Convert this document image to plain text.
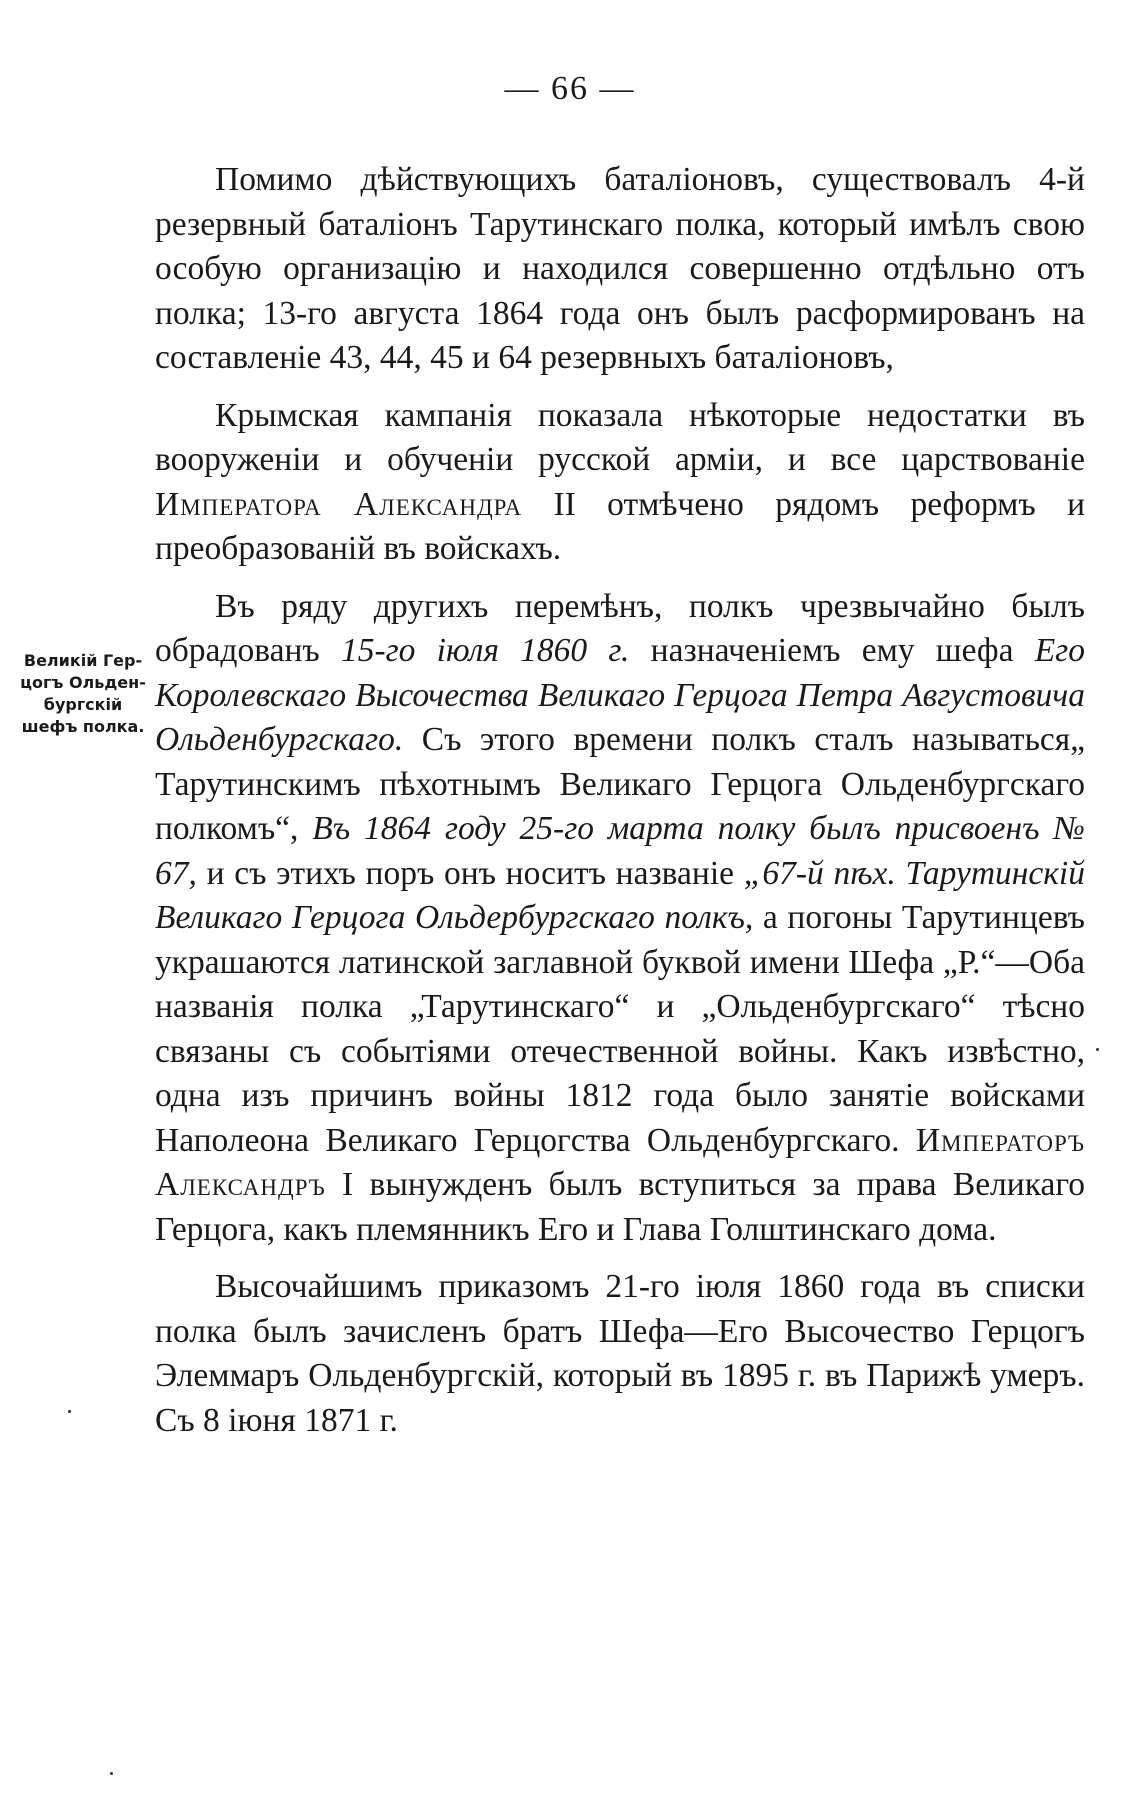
— 66 —
Великій Гер-
цогъ Ольден-
бургскій
шефъ полка.

Помимо дѣйствующихъ баталіоновъ, существовалъ 4-й резервный баталіонъ Тарутинскаго полка, который имѣлъ свою особую организацію и находился совершенно отдѣльно отъ полка; 13-го августа 1864 года онъ былъ расформированъ на составленіе 43, 44, 45 и 64 резервныхъ баталіоновъ,

Крымская кампанія показала нѣкоторые недостатки въ вооруженіи и обученіи русской арміи, и все царствованіе Императора Александра II отмѣчено рядомъ реформъ и преобразованій въ войскахъ.

Въ ряду другихъ перемѣнъ, полкъ чрезвычайно былъ обрадованъ 15-го іюля 1860 г. назначеніемъ ему шефа Его Королевскаго Высочества Великаго Герцога Петра Августовича Ольденбургскаго. Съ этого времени полкъ сталъ называться„ Тарутинскимъ пѣхотнымъ Великаго Герцога Ольденбургскаго полкомъ“, Въ 1864 году 25-го марта полку былъ присвоенъ № 67, и съ этихъ поръ онъ носитъ названіе „67-й пѣх. Тарутинскій Великаго Герцога Ольдербургскаго полкъ, а погоны Тарутинцевъ украшаются латинской заглавной буквой имени Шефа „Р.“—Оба названія полка „Тарутинскаго“ и „Ольденбургскаго“ тѣсно связаны съ событіями отечественной войны. Какъ извѣстно, одна изъ причинъ войны 1812 года было занятіе войсками Наполеона Великаго Герцогства Ольденбургскаго. Императоръ Александръ I вынужденъ былъ вступиться за права Великаго Герцога, какъ племянникъ Его и Глава Голштинскаго дома.

Высочайшимъ приказомъ 21-го іюля 1860 года въ списки полка былъ зачисленъ братъ Шефа—Его Высочество Герцогъ Элеммаръ Ольденбургскій, который въ 1895 г. въ Парижѣ умеръ. Съ 8 іюня 1871 г.
